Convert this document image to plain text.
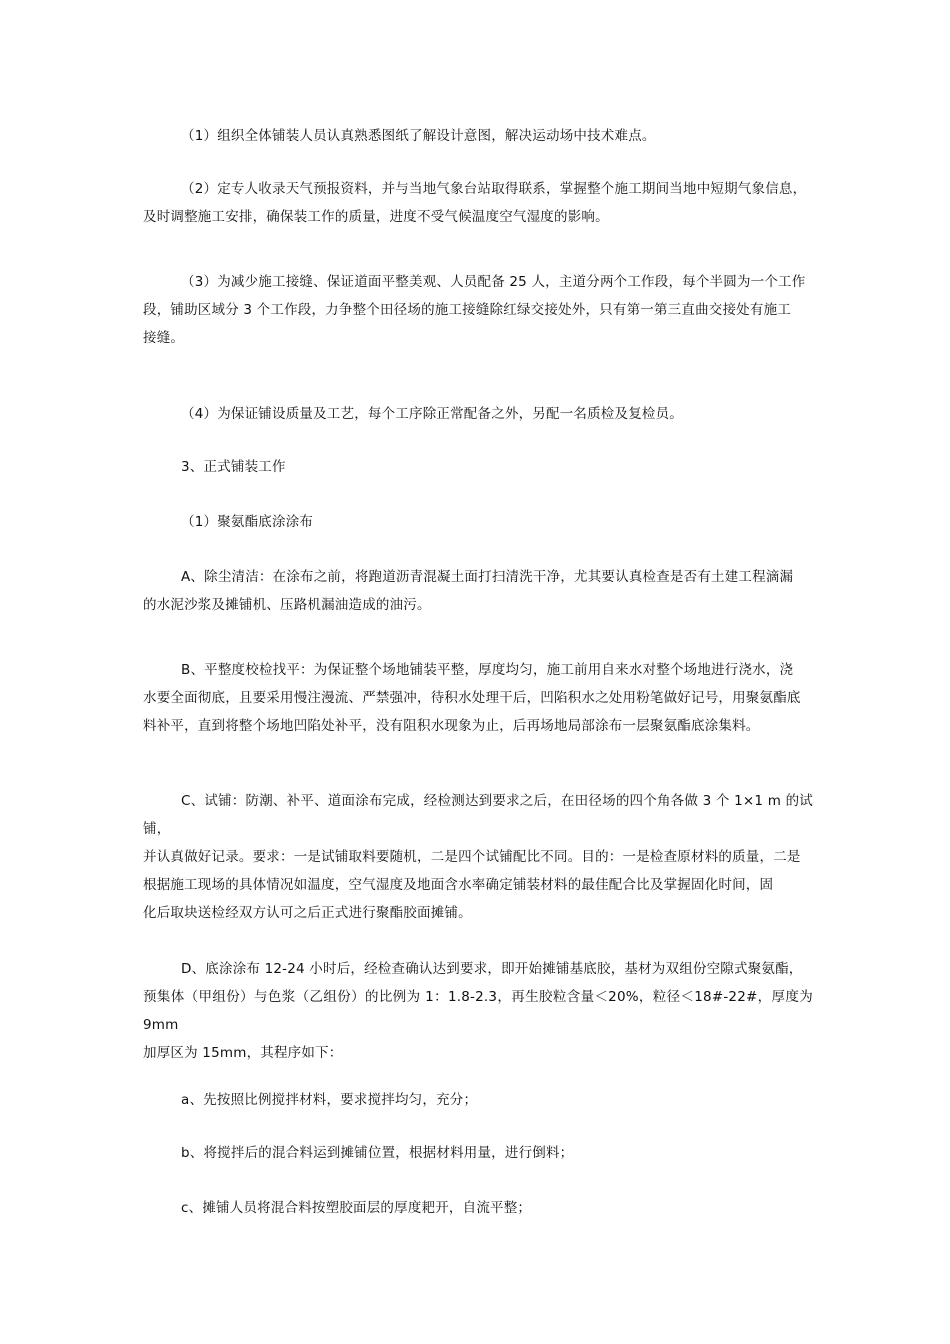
（1）组织全体铺装人员认真熟悉图纸了解设计意图，解决运动场中技术难点。

（2）定专人收录天气预报资料，并与当地气象台站取得联系，掌握整个施工期间当地中短期气象信息，
及时调整施工安排，确保装工作的质量，进度不受气候温度空气湿度的影响。

（3）为减少施工接缝、保证道面平整美观、人员配备 25 人，主道分两个工作段，每个半圆为一个工作
段，铺助区域分 3 个工作段，力争整个田径场的施工接缝除红绿交接处外，只有第一第三直曲交接处有施工
接缝。

（4）为保证铺设质量及工艺，每个工序除正常配备之外，另配一名质检及复检员。

3、正式铺装工作

（1）聚氨酯底涂涂布

A、除尘清洁：在涂布之前，将跑道沥青混凝土面打扫清洗干净，尤其要认真检查是否有土建工程滴漏
的水泥沙浆及摊铺机、压路机漏油造成的油污。

B、平整度校检找平：为保证整个场地铺装平整，厚度均匀，施工前用自来水对整个场地进行浇水，浇
水要全面彻底，且要采用慢注漫流、严禁强冲，待积水处理干后，凹陷积水之处用粉笔做好记号，用聚氨酯底
料补平，直到将整个场地凹陷处补平，没有阻积水现象为止，后再场地局部涂布一层聚氨酯底涂集料。

C、试铺：防潮、补平、道面涂布完成，经检测达到要求之后，在田径场的四个角各做 3 个 1×1 m 的试铺，
并认真做好记录。要求：一是试铺取料要随机，二是四个试铺配比不同。目的：一是检查原材料的质量，二是
根据施工现场的具体情况如温度，空气湿度及地面含水率确定铺装材料的最佳配合比及掌握固化时间，固
化后取块送检经双方认可之后正式进行聚酯胶面摊铺。

D、底涂涂布 12-24 小时后，经检查确认达到要求，即开始摊铺基底胶，基材为双组份空隙式聚氨酯，
预集体（甲组份）与色浆（乙组份）的比例为 1：1.8-2.3，再生胶粒含量＜20%，粒径＜18#-22#，厚度为 9mm
加厚区为 15mm，其程序如下：

a、先按照比例搅拌材料，要求搅拌均匀，充分；

b、将搅拌后的混合料运到摊铺位置，根据材料用量，进行倒料；

c、摊铺人员将混合料按塑胶面层的厚度耙开，自流平整；
